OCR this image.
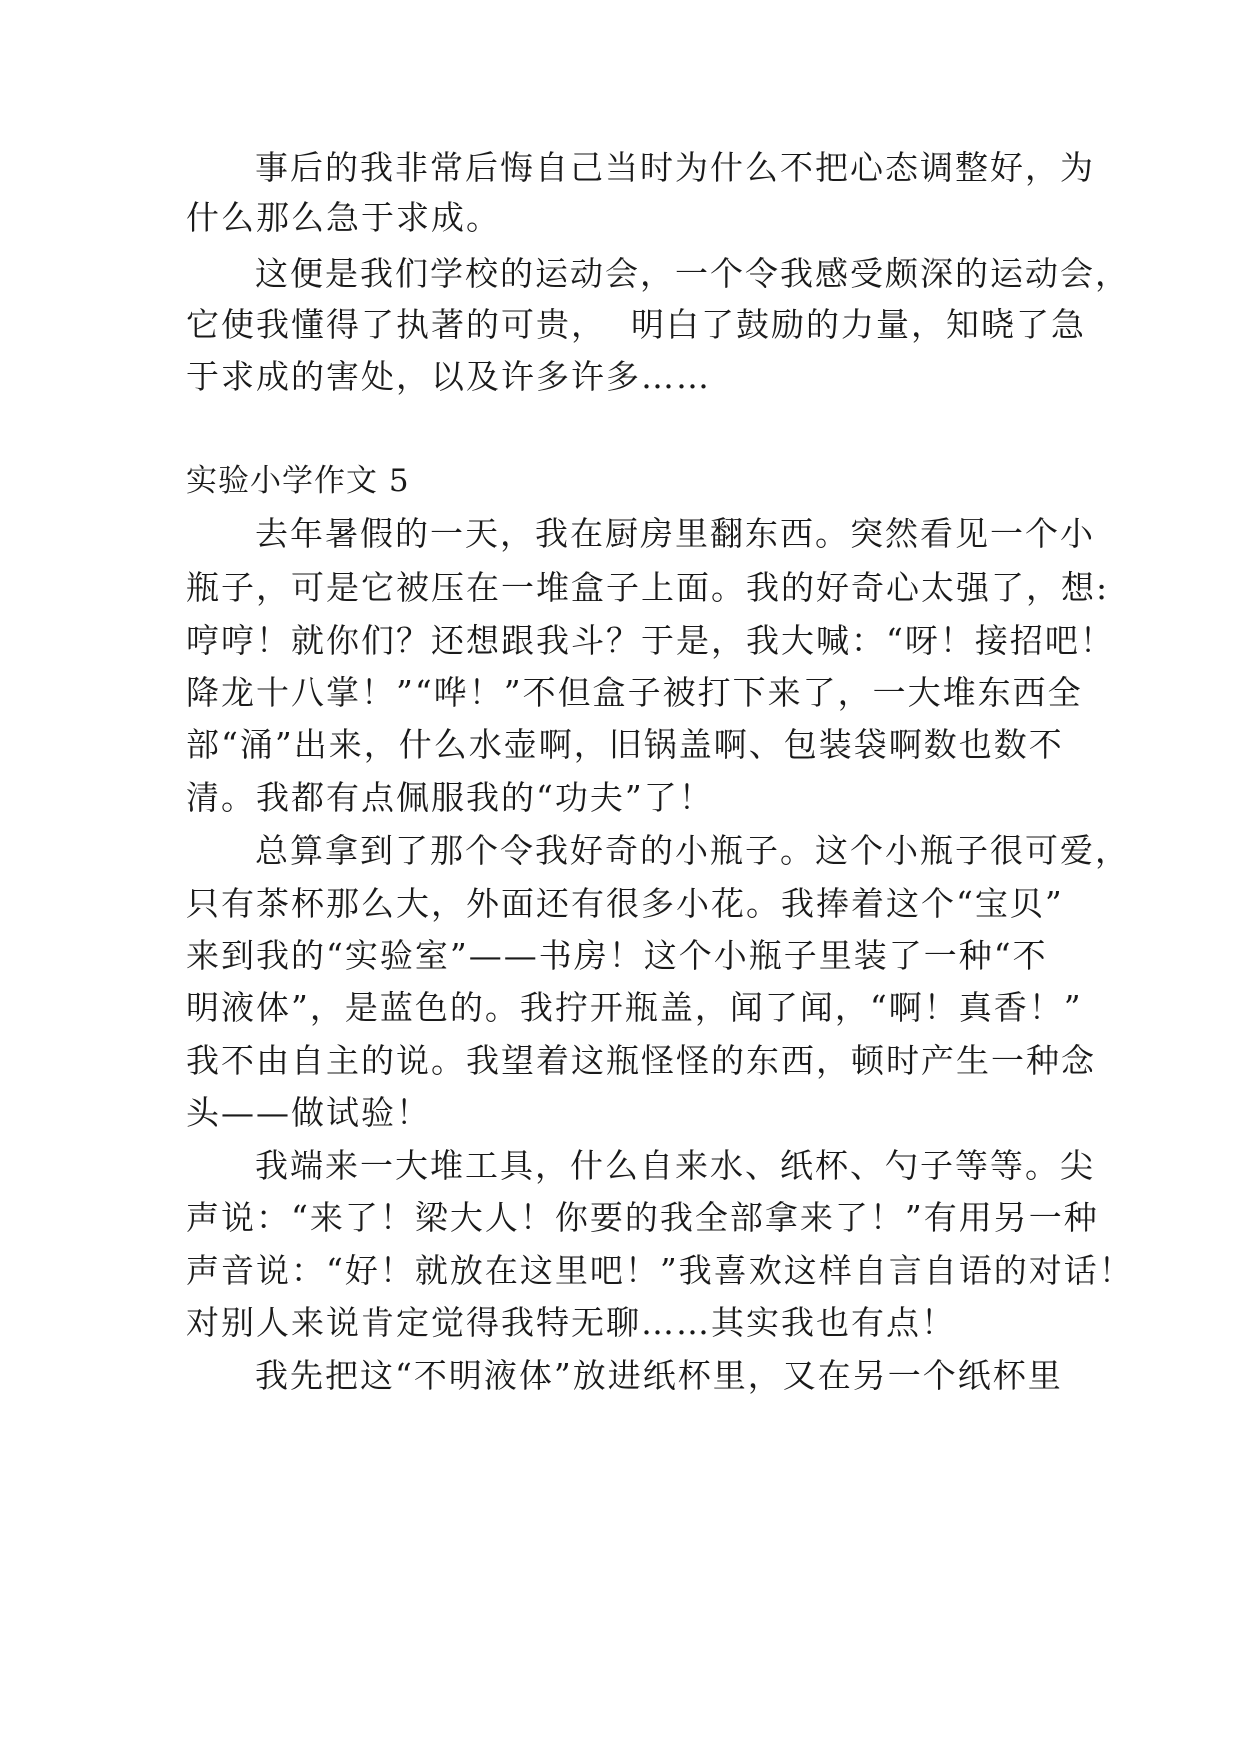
事后的我非常后悔自己当时为什么不把心态调整好，为
什么那么急于求成。
这便是我们学校的运动会，一个令我感受颇深的运动会，
它使我懂得了执著的可贵，  明白了鼓励的力量，知晓了急
于求成的害处，以及许多许多……
实验小学作文 5
去年暑假的一天，我在厨房里翻东西。突然看见一个小
瓶子，可是它被压在一堆盒子上面。我的好奇心太强了，想:
哼哼！就你们？还想跟我斗？于是，我大喊：“呀！接招吧！
降龙十八掌！”“哗！”不但盒子被打下来了，一大堆东西全
部“涌”出来，什么水壶啊，旧锅盖啊、包装袋啊数也数不
清。我都有点佩服我的“功夫”了！
总算拿到了那个令我好奇的小瓶子。这个小瓶子很可爱，
只有茶杯那么大，外面还有很多小花。我捧着这个“宝贝”
来到我的“实验室”——书房！这个小瓶子里装了一种“不
明液体”，是蓝色的。我拧开瓶盖，闻了闻，“啊！真香！”
我不由自主的说。我望着这瓶怪怪的东西，顿时产生一种念
头——做试验！
我端来一大堆工具，什么自来水、纸杯、勺子等等。尖
声说：“来了！梁大人！你要的我全部拿来了！”有用另一种
声音说：“好！就放在这里吧！”我喜欢这样自言自语的对话！
对别人来说肯定觉得我特无聊……其实我也有点！
我先把这“不明液体”放进纸杯里，又在另一个纸杯里
